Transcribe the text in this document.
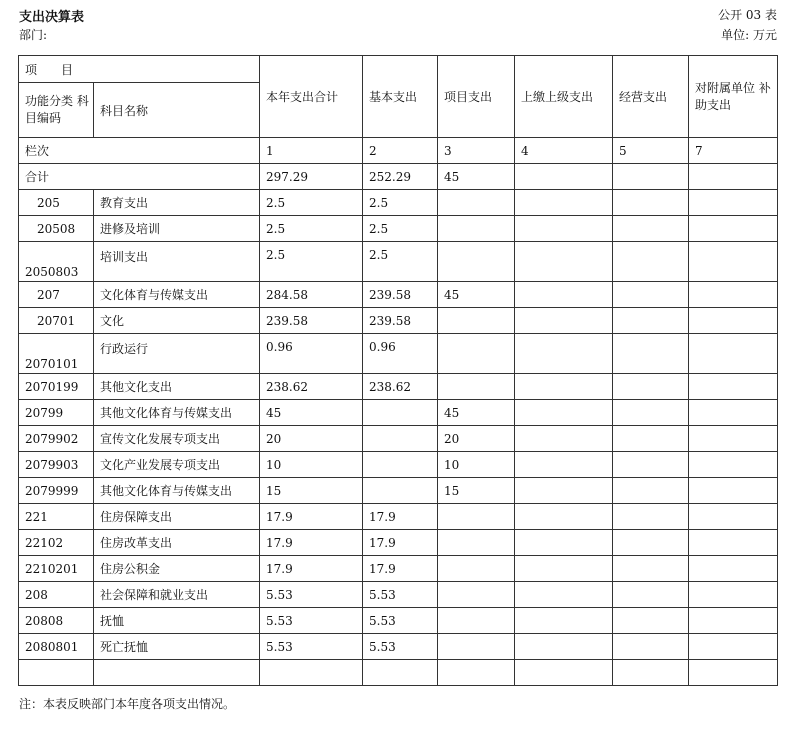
支出决算表
部门:
公开 03 表
单位: 万元
项　　目		本年支出合计	基本支出	项目支出	上缴上级支出	经营支出	对附属单位 补助支出
功能分类 科目编码	科目名称						
栏次		1	2	3	4	5	7
合计		297.29	252.29	45			
205	教育支出	2.5	2.5				
20508	进修及培训	2.5	2.5				
2050803	培训支出	2.5	2.5				
207	文化体育与传媒支出	284.58	239.58	45			
20701	文化	239.58	239.58				
2070101	行政运行	0.96	0.96				
2070199	其他文化支出	238.62	238.62				
20799	其他文化体育与传媒支出	45		45			
2079902	宣传文化发展专项支出	20		20			
2079903	文化产业发展专项支出	10		10			
2079999	其他文化体育与传媒支出	15		15			
221	住房保障支出	17.9	17.9				
22102	住房改革支出	17.9	17.9				
2210201	住房公积金	17.9	17.9				
208	社会保障和就业支出	5.53	5.53				
20808	抚恤	5.53	5.53				
2080801	死亡抚恤	5.53	5.53				

注：本表反映部门本年度各项支出情况。
